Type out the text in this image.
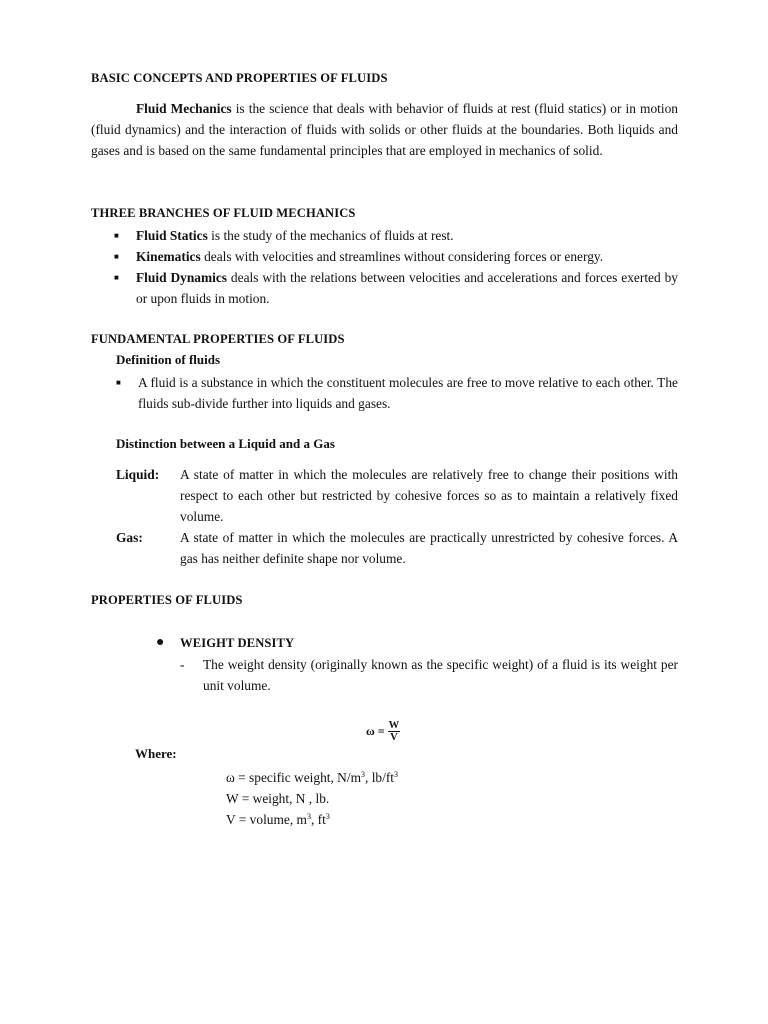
BASIC CONCEPTS AND PROPERTIES OF FLUIDS

Fluid Mechanics is the science that deals with behavior of fluids at rest (fluid statics) or in motion (fluid dynamics) and the interaction of fluids with solids or other fluids at the boundaries. Both liquids and gases and is based on the same fundamental principles that are employed in mechanics of solid.

THREE BRANCHES OF FLUID MECHANICS

■ Fluid Statics is the study of the mechanics of fluids at rest.
■ Kinematics deals with velocities and streamlines without considering forces or energy.
■ Fluid Dynamics deals with the relations between velocities and accelerations and forces exerted by or upon fluids in motion.

FUNDAMENTAL PROPERTIES OF FLUIDS

Definition of fluids
■ A fluid is a substance in which the constituent molecules are free to move relative to each other. The fluids sub-divide further into liquids and gases.
Distinction between a Liquid and a Gas
Liquid: A state of matter in which the molecules are relatively free to change their positions with respect to each other but restricted by cohesive forces so as to maintain a relatively fixed volume.
Gas:	A state of matter in which the molecules are practically unrestricted by cohesive forces. A gas has neither definite shape nor volume.

PROPERTIES OF FLUIDS

● WEIGHT DENSITY
- The weight density (originally known as the specific weight) of a fluid is its weight per unit volume.
$\omega = \frac{W}{V}$
Where:
ω = specific weight, $N/m^3$, $lb/ft^3$
W = weight, N , lb.
V = volume, $m^3$, $ft^3$
